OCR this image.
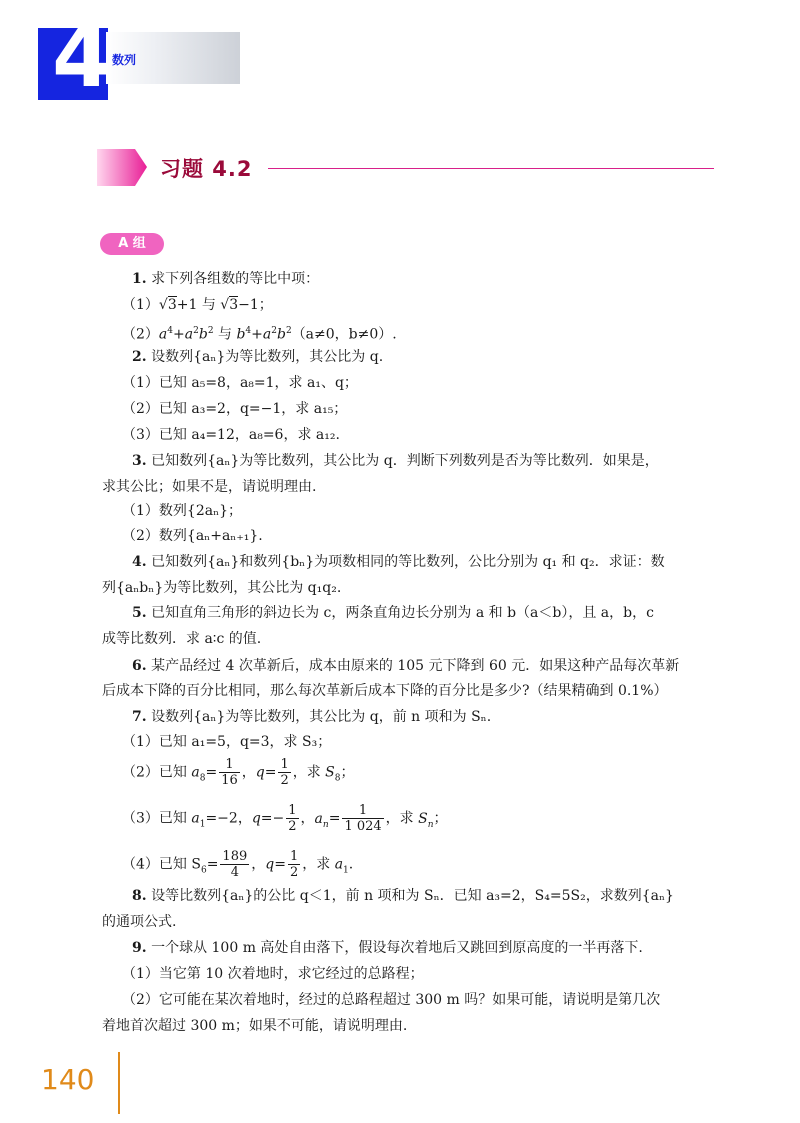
4 数列
习题 4.2
A 组
1. 求下列各组数的等比中项：
（1）√3+1 与 √3−1；
$(2)a^4+a^2b^2$ 与 $b^4+a^2b^2(a\ne 0$，b≠0）.
2. 设数列{aₙ}为等比数列，其公比为 q.
（1）已知 a₅=8，a₈=1，求 a₁、q；
（2）已知 a₃=2，q=−1，求 a₁₅；
（3）已知 a₄=12，a₈=6，求 a₁₂.
3. 已知数列{aₙ}为等比数列，其公比为 q．判断下列数列是否为等比数列．如果是，
求其公比；如果不是，请说明理由.
（1）数列{2aₙ}；
（2）数列{aₙ+aₙ₊₁}.
4. 已知数列{aₙ}和数列{bₙ}为项数相同的等比数列，公比分别为 q₁ 和 q₂．求证：数
列{aₙbₙ}为等比数列，其公比为 q₁q₂.
5. 已知直角三角形的斜边长为 c，两条直角边长分别为 a 和 b（a＜b），且 a，b，c
成等比数列．求 a∶c 的值.
6. 某产品经过 4 次革新后，成本由原来的 105 元下降到 60 元．如果这种产品每次革新
后成本下降的百分比相同，那么每次革新后成本下降的百分比是多少?（结果精确到 0.1%）
7. 设数列{aₙ}为等比数列，其公比为 q，前 n 项和为 Sₙ.
（1）已知 a₁=5，q=3，求 S₃；
（2）已知 $a_8= \frac{1}{16}$ ，$q= \frac{1}{2}$ ，求 $S_8$；
（3）已知 $a_1=-2$，$q=- \frac{1}{2}$ ，$a_n= \frac{1}{1 024}$ ，求 $S_n$；
（4）已知 $S_6= \frac{189}{4}$ ，$q= \frac{1}{2}$ ，求 $a_1$.
8. 设等比数列{aₙ}的公比 q＜1，前 n 项和为 Sₙ．已知 a₃=2，S₄=5S₂，求数列{aₙ}
的通项公式.
9. 一个球从 100 m 高处自由落下，假设每次着地后又跳回到原高度的一半再落下.
（1）当它第 10 次着地时，求它经过的总路程；
（2）它可能在某次着地时，经过的总路程超过 300 m 吗？如果可能，请说明是第几次
着地首次超过 300 m；如果不可能，请说明理由.
140
